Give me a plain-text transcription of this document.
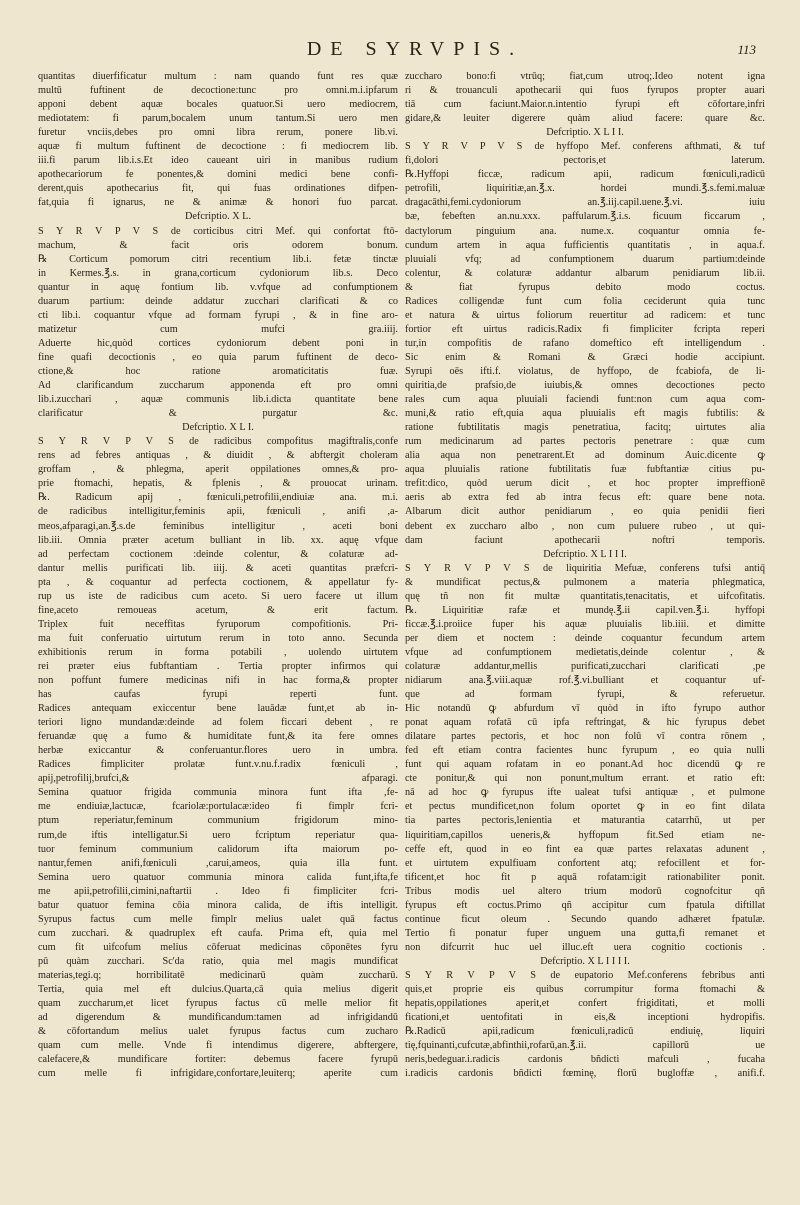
DE SYRVPIS.	113
quantitas diuerfificatur multum : nam quando funt res quæ
multū fuftinent de decoctione:tunc pro omni.m.i.ipfarum
apponi debent aquæ bocales quatuor.Si uero mediocrem,
mediotatem: fi parum,bocalem unum tantum.Si uero men
furetur vnciis,debes pro omni libra rerum, ponere lib.vi.
aquæ fi multum fuftinent de decoctione : fi mediocrem lib.
iii.fi parum lib.i.s.Et ideo caueant uiri in manibus rudium
apothecariorum fe ponentes,& domini medici bene confi-
derent,quis apothecarius fit, qui fuas ordinationes difpen-
fat,quia fi ignarus, ne & animæ & honori fuo parcat.
Defcriptio. X L.
S Y R V P V S de corticibus citri Mef. qui confortat ftō-
machum, & facit oris odorem bonum.
℞ Corticum pomorum citri recentium lib.i. fetæ tinctæ
in Kermes.℥.s. in grana,corticum cydoniorum lib.s. Deco
quantur in aquę fontium lib. v.vfque ad confumptionem
duarum partium: deinde addatur zucchari clarificati & co
cti lib.i. coquantur vfque ad formam fyrupi , & in fine aro-
matizetur cum mufci gra.iiij.
Aduerte hic,quòd cortices cydoniorum debent poni in
fine quafi decoctionis , eo quia parum fuftinent de deco-
ctione,& hoc ratione aromaticitatis fuæ.
Ad clarificandum zuccharum apponenda eft pro omni
lib.i.zucchari , aquæ communis lib.i.dicta quantitate bene
clarificatur & purgatur &c.
Defcriptio. X L I.
S Y R V P V S de radicibus compofitus magiftralis,confe
rens ad febres antiquas , & diuidit , & abftergit choleram
groffam , & phlegma, aperit oppilationes omnes,& pro-
prie ftomachi, hepatis, & fplenis , & prouocat urinam.
℞. Radicum apij , fœniculi,petrofilii,endiuiæ ana. m.i.
de radicibus intelligitur,feminis apii, fœniculi , anifi ,a-
meos,afparagi,an.℥.s.de feminibus intelligitur , aceti boni
lib.iii. Omnia præter acetum bulliant in lib. xx. aquę vfque
ad perfectam coctionem :deinde colentur, & colaturæ ad-
dantur mellis purificati lib. iiij. & aceti quantitas præfcri-
pta , & coquantur ad perfecta coctionem, & appellatur fy-
rup us iste de radicibus cum aceto. Si uero facere ut illum
fine,aceto remoueas acetum, & erit factum.
Triplex fuit neceffitas fyruporum compofitionis. Pri-
ma fuit conferuatio uirtutum rerum in toto anno. Secunda
exhibitionis rerum in forma potabili , uolendo uirtutem
rei præter eius fubftantiam . Tertia propter infirmos qui
non poffunt fumere medicinas nifi in hac forma,& propter
has caufas fyrupi reperti funt.
Radices antequam exiccentur bene lauādæ funt,et ab in-
teriori ligno mundandæ:deinde ad folem ficcari debent , re
feruandæ quę a fumo & humiditate funt,& ita fere omnes
herbæ exiccantur & conferuantur.flores uero in umbra.
Radices fimpliciter prolatæ funt.v.nu.f.radix fœniculi ,
apij,petrofilij,brufci,& afparagi.
Semina quatuor frigida communia minora funt ifta ,fe-
me endiuiæ,lactucæ, fcariolæ:portulacæ:ideo fi fimplr fcri-
ptum reperiatur,feminum communium frigidorum mino-
rum,de iftis intelligatur.Si uero fcriptum reperiatur qua-
tuor feminum communium calidorum ifta maiorum po-
nantur,femen anifi,fœniculi ,carui,ameos, quia illa funt.
Semina uero quatuor communia minora calida funt,ifta,fe
me apii,petrofilii,cimini,naftartii . Ideo fi fimpliciter fcri-
batur quatuor femina cōia minora calida, de iftis intelligit.
Syrupus factus cum melle fimplr melius ualet quā factus
cum zucchari. & quadruplex eft caufa. Prima eft, quia mel
cum fit uifcofum melius cōferuat medicinas cōponētes fyru
pū quàm zucchari. Sc'da ratio, quia mel magis mundificat
materias,tegi.q; horribilitatē medicinarū quàm zuccharū.
Tertia, quia mel eft dulcius.Quarta,cā quia melius digerit
quam zuccharum,et licet fyrupus factus cū melle melior fit
ad digerendum & mundificandum:tamen ad infrigidandū
& cōfortandum melius ualet fyrupus factus cum zucharo
quam cum melle. Vnde fi intendimus digerere, abftergere,
calefacere,& mundificare fortiter: debemus facere fyrupū
cum melle fi infrigidare,confortare,leuiterq; aperite cum
zuccharo bono:fi vtrūq; fiat,cum utroq;.Ideo notent igna
ri & trouanculi apothecarii qui fuos fyrupos propter auari
tiā cum faciunt.Maior.n.intentio fyrupi eft cōfortare,infri
gidare,& leuiter digerere quàm aliud facere: quare &c.
Defcriptio. X L I I.
S Y R V P V S de hyffopo Mef. conferens afthmati, & tuf
fi,dolori pectoris,et laterum.
℞.Hyffopi ficcæ, radicum apii, radicum fœniculi,radicū
petrofili, liquiritiæ,an.℥.x. hordei mundi.℥.s.femi.maluæ
dragacāthi,femi.cydoniorum an.℥.iij.capil.uene.℥.vi. iuiu
bæ, febeften an.nu.xxx. paffularum.℥.i.s. ficuum ficcarum ,
dactylorum pinguium ana. nume.x. coquantur omnia fe-
cundum artem in aqua fufficientis quantitatis , in aqua.f.
pluuiali vfq; ad confumptionem duarum partium:deinde
colentur, & colaturæ addantur albarum penidiarum lib.ii.
& fiat fyrupus debito modo coctus.
Radices colligendæ funt cum folia ceciderunt quia tunc
et natura & uirtus foliorum reuertitur ad radicem: et tunc
fortior eft uirtus radicis.Radix fi fimpliciter fcripta reperi
tur,in compofitis de rafano domeftico eft intelligendum .
Sic enim & Romani & Græci hodie accipiunt.
Syrupi oēs ifti.f. violatus, de hyffopo, de fcabiofa, de li-
quiritia,de prafsio,de iuiubis,& omnes decoctiones pecto
rales cum aqua pluuiali faciendi funt:non cum aqua com-
muni,& ratio eft,quia aqua pluuialis eft magis fubtilis: &
ratione fubtilitatis magis penetratiua, facitq; uirtutes alia
rum medicinarum ad partes pectoris penetrare : quæ cum
alia aqua non penetrarent.Et ad dominum Auic.dicente ꝙ
aqua pluuialis ratione fubtilitatis fuæ fubftantiæ citius pu-
trefit:dico, quòd uerum dicit , et hoc propter impreffionē
aeris ab extra fed ab intra fecus eft: quare bene nota.
Albarum dicit author penidiarum , eo quia penidii fieri
debent ex zuccharo albo , non cum puluere rubeo , ut qui-
dam faciunt apothecarii noftri temporis.
Defcriptio. X L I I I.
S Y R V P V S de liquiritia Mefuæ, conferens tufsi antiq̄
& mundificat pectus,& pulmonem a materia phlegmatica,
quę tñ non fit multæ quantitatis,tenacitatis, et uifcofitatis.
℞. Liquiritiæ rafæ et mundę.℥.ii capil.ven.℥.i. hyffopi
ficcæ.℥.i.proiice fuper his aquæ pluuialis lib.iiii. et dimitte
per diem et noctem : deinde coquantur fecundum artem
vfque ad confumptionem medietatis,deinde colentur , &
colaturæ addantur,mellis purificati,zucchari clarificati ,pe
nidiarum ana.℥.viii.aquæ rof.℥.vi.bulliant et coquantur uf-
que ad formam fyrupi, & referuetur.
Hic notandū ꝙ abfurdum vī quòd in ifto fyrupo author
ponat aquam rofatā cū ipfa reftringat, & hic fyrupus debet
dilatare partes pectoris, et hoc non folū vī contra rōnem ,
fed eft etiam contra facientes hunc fyrupum , eo quia nulli
funt qui aquam rofatam in eo ponant.Ad hoc dicendū ꝙ re
cte ponitur,& qui non ponunt,multum errant. et ratio eft:
nā ad hoc ꝙ fyrupus ifte ualeat tufsi antiquæ , et pulmone
et pectus mundificet,non folum oportet ꝙ in eo fint dilata
tia partes pectoris,lenientia et maturantia catarrhū, ut per
liquiritiam,capillos ueneris,& hyffopum fit.Sed etiam ne-
ceffe eft, quod in eo fint ea quæ partes relaxatas adunent ,
et uirtutem expulfiuam confortent atq; refocillent et for-
tificent,et hoc fit p aquā rofatam:igit rationabiliter ponit.
Tribus modis uel altero trium modorū cognofcitur qñ
fyrupus eft coctus.Primo qñ accipitur cum fpatula diftillat
continue ficut oleum . Secundo quando adhæret fpatulæ.
Tertio fi ponatur fuper unguem una gutta,fi remanet et
non difcurrit huc uel illuc.eft uera cognitio coctionis .
Defcriptio. X L I I I I.
S Y R V P V S de eupatorio Mef.conferens febribus anti
quis,et proprie eis quibus corrumpitur forma ftomachi &
hepatis,oppilationes aperit,et confert frigiditati, et molli
ficationi,et uentofitati in eis,& inceptioni hydropifis.
℞.Radicū apii,radicum fœniculi,radicū endiuię, liquiri
tię,fquinanti,cufcutæ,abfinthii,rofarū,an.℥.ii. capillorū ue
neris,bedeguar.i.radicis cardonis bñdicti mafculi , fucaha
i.radicis cardonis bñdicti fœminę, florū bugloffæ , anifi.f.
